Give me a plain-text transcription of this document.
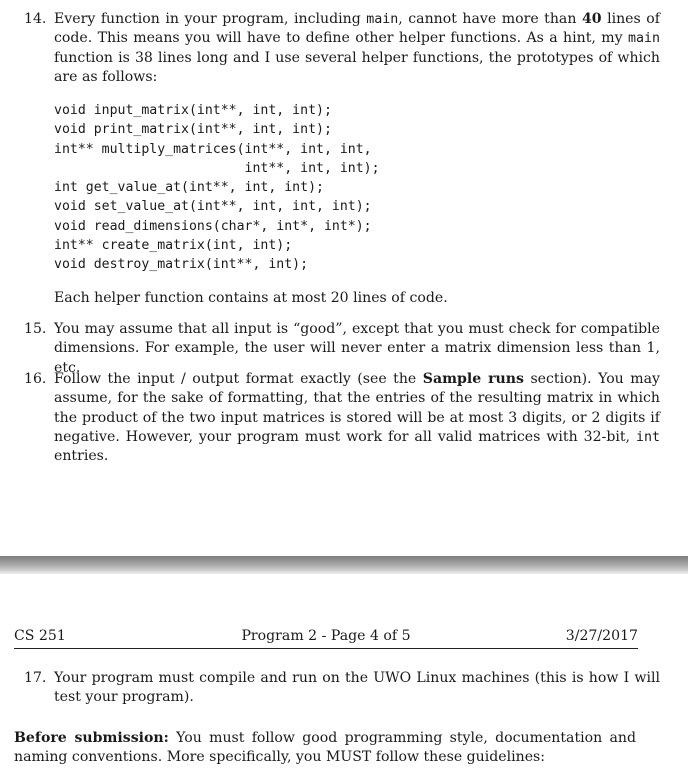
14. Every function in your program, including main, cannot have more than 40 lines of code. This means you will have to define other helper functions. As a hint, my main function is 38 lines long and I use several helper functions, the prototypes of which are as follows:
void input_matrix(int**, int, int);
void print_matrix(int**, int, int);
int** multiply_matrices(int**, int, int,
int**, int, int);
int get_value_at(int**, int, int);
void set_value_at(int**, int, int, int);
void read_dimensions(char*, int*, int*);
int** create_matrix(int, int);
void destroy_matrix(int**, int);
Each helper function contains at most 20 lines of code.
15. You may assume that all input is “good”, except that you must check for compatible dimensions. For example, the user will never enter a matrix dimension less than 1, etc.
16. Follow the input / output format exactly (see the Sample runs section). You may assume, for the sake of formatting, that the entries of the resulting matrix in which the product of the two input matrices is stored will be at most 3 digits, or 2 digits if negative. However, your program must work for all valid matrices with 32-bit, int entries.
CS 251	Program 2 - Page 4 of 5	3/27/2017
17. Your program must compile and run on the UWO Linux machines (this is how I will test your program).
Before submission: You must follow good programming style, documentation and naming conventions. More specifically, you MUST follow these guidelines:
